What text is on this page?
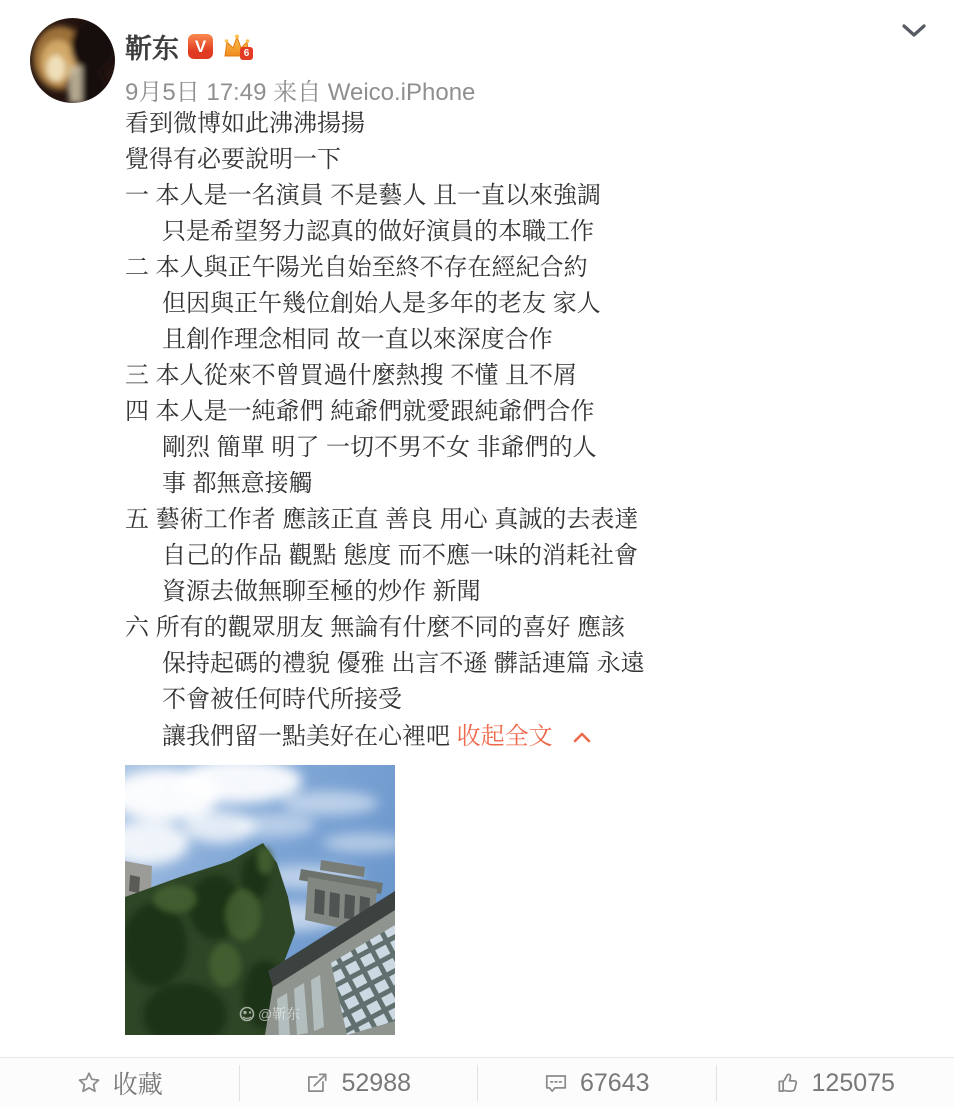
靳东 V	6
9月5日 17:49 来自 Weico.iPhone
看到微博如此沸沸揚揚
覺得有必要說明一下
一 本人是一名演員 不是藝人 且一直以來強調
只是希望努力認真的做好演員的本職工作
二 本人與正午陽光自始至終不存在經紀合約
但因與正午幾位創始人是多年的老友 家人
且創作理念相同 故一直以來深度合作
三 本人從來不曾買過什麼熱搜 不懂 且不屑
四 本人是一純爺們 純爺們就愛跟純爺們合作
剛烈 簡單 明了 一切不男不女 非爺們的人
事 都無意接觸
五 藝術工作者 應該正直 善良 用心 真誠的去表達
自己的作品 觀點 態度 而不應一味的消耗社會
資源去做無聊至極的炒作 新聞
六 所有的觀眾朋友 無論有什麼不同的喜好 應該
保持起碼的禮貌 優雅 出言不遜 髒話連篇 永遠
不會被任何時代所接受
讓我們留一點美好在心裡吧 收起全文
@靳东
收藏	52988	67643	125075
